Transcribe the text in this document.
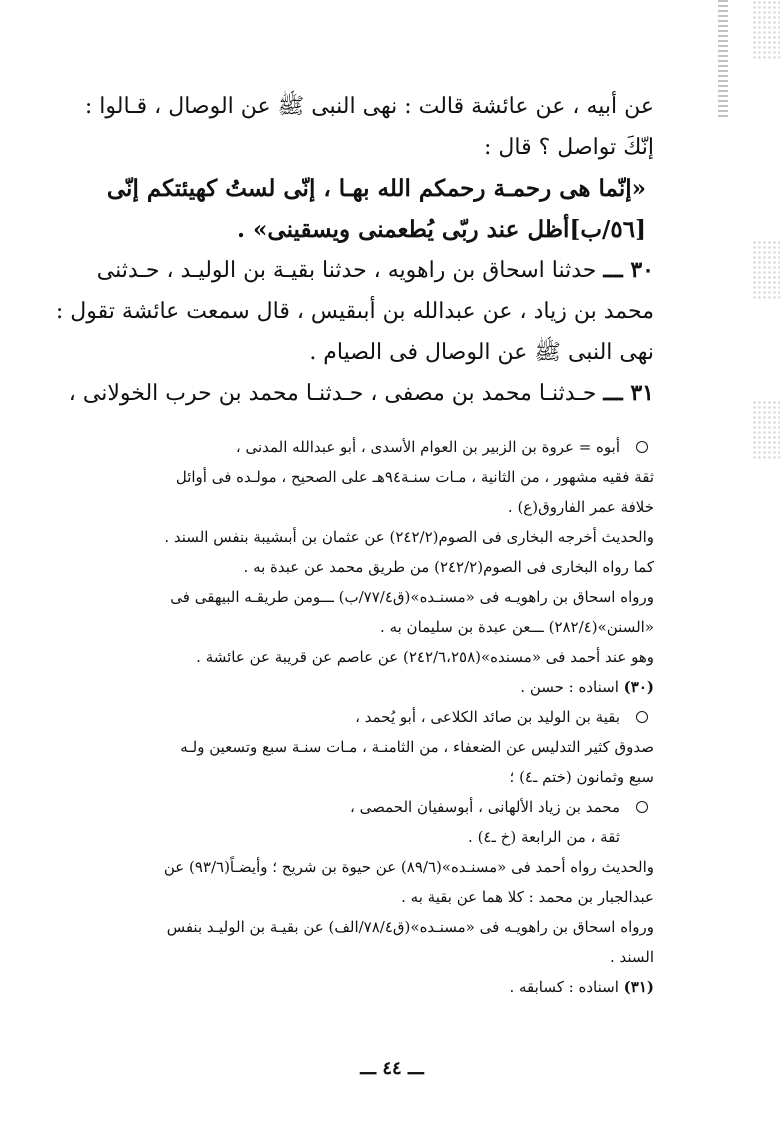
عن أبيه ، عن عائشة قالت : نهى النبى ﷺ عن الوصال ، قـالوا :

إنّكَ تواصل ؟ قال :

«إنّما هى رحمـة رحمكم الله بهـا ، إنّى لستُ كهيئتكم إنّى

[٥٦/ب]أظل عند ربّى يُطعمنى ويسقينى» .

٣٠ ـــ حدثنا اسحاق بن راهويه ، حدثنا بقيـة بن الوليـد ، حـدثنى

محمد بن زياد ، عن عبدالله بن أبىقيس ، قال سمعت عائشة تقول :

نهى النبى ﷺ عن الوصال فى الصيام .

٣١ ـــ حـدثنـا محمد بن مصفى ، حـدثنـا محمد بن حرب الخولانى ،

أبوه = عروة بن الزبير بن العوام الأسدى ، أبو عبدالله المدنى ،

ثقة فقيه مشهور ، من الثانية ، مـات سنـة٩٤هـ على الصحيح ، مولـده فى أوائل

خلافة عمر الفاروق(ع) .

والحديث أخرجه البخارى فى الصوم(٢٤٢/٢) عن عثمان بن أبىشيبة بنفس السند .

كما رواه البخارى فى الصوم(٢٤٢/٢) من طريق محمد عن عبدة به .

ورواه اسحاق بن راهويـه فى «مسنـده»(ق٧٧/٤/ب) ـــومن طريقـه البيهقى فى

«السنن»(٢٨٢/٤) ـــعن عبدة بن سليمان به .

وهو عند أحمد فى «مسنده»(٢٤٢/٦،٢٥٨) عن عاصم عن قريبة عن عائشة .

(٣٠) اسناده : حسن .

بقية بن الوليد بن صائد الكلاعى ، أبو يُحمد ،

صدوق كثير التدليس عن الضعفاء ، من الثامنـة ، مـات سنـة سبع وتسعين ولـه

سبع وثمانون (ختم ـ٤) ؛

محمد بن زياد الألهانى ، أبوسفيان الحمصى ،

ثقة ، من الرابعة (خ ـ٤) .

والحديث رواه أحمد فى «مسنـده»(٨٩/٦) عن حيوة بن شريح ؛ وأيضـاً(٩٣/٦) عن

عبدالجبار بن محمد : كلا هما عن بقية به .

ورواه اسحاق بن راهويـه فى «مسنـده»(ق٧٨/٤/الف) عن بقيـة بن الوليـد بنفس

السند .

(٣١) اسناده : كسابقه .

ـــ ٤٤ ـــ
